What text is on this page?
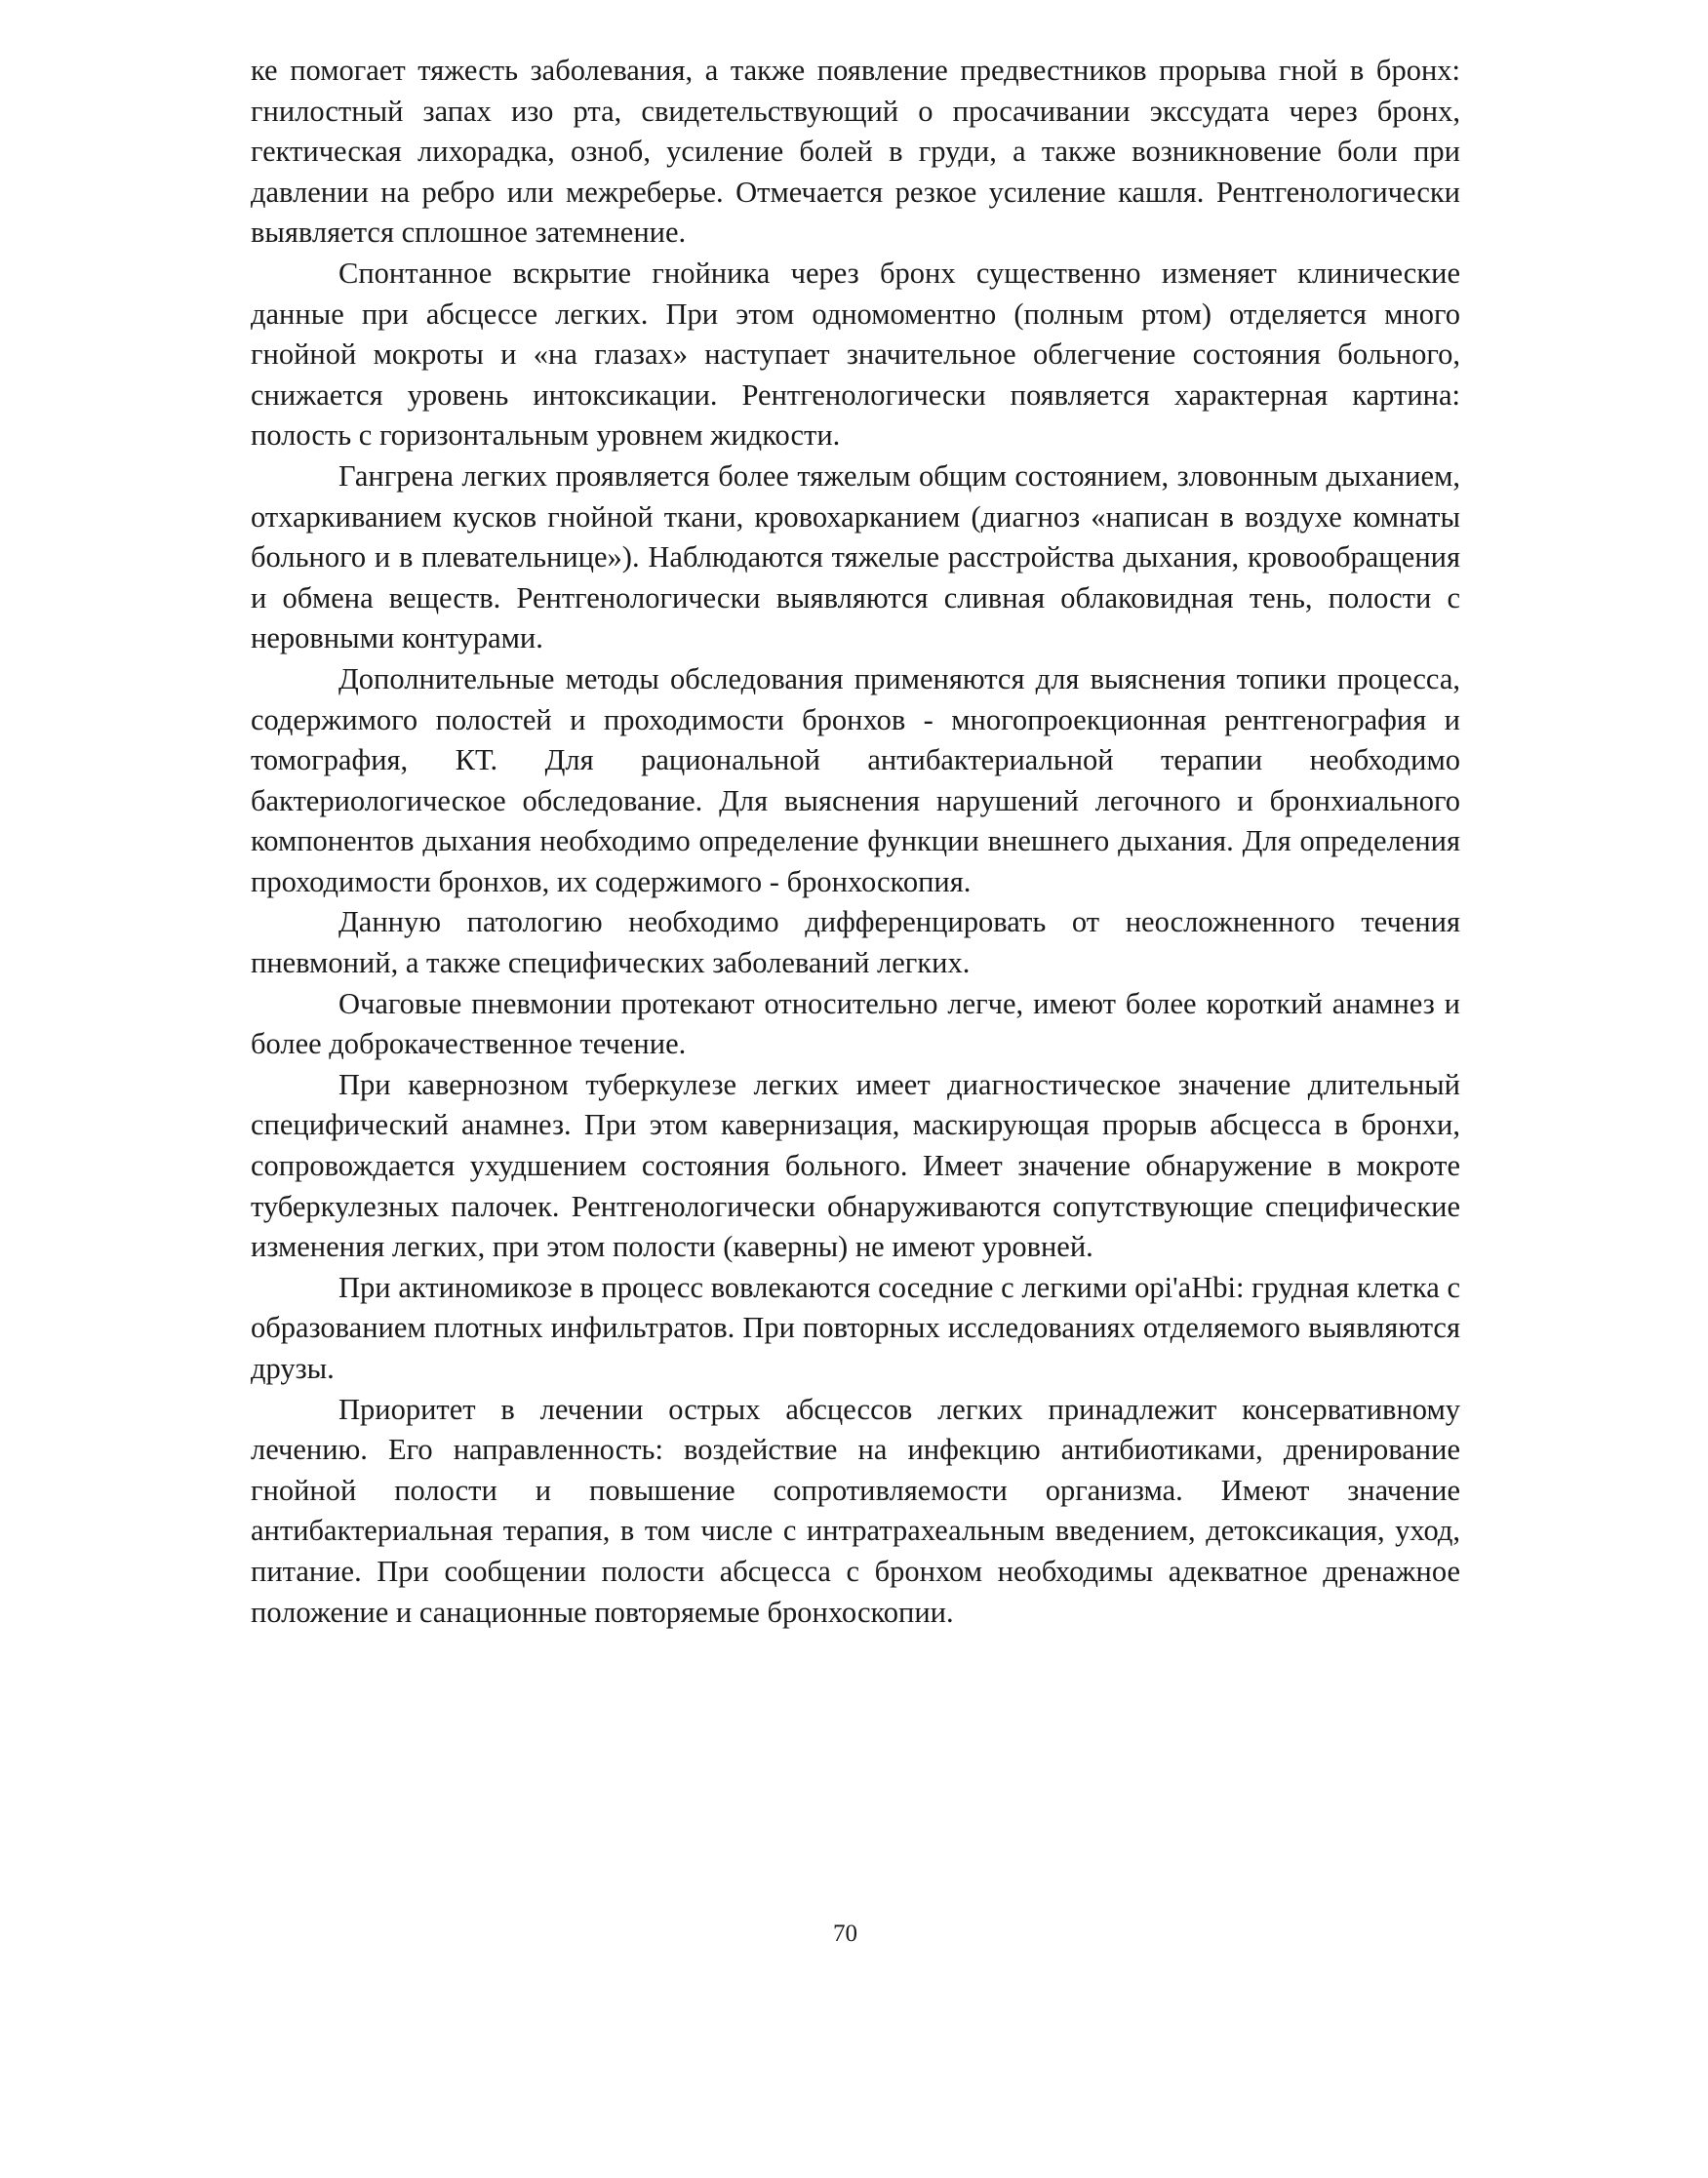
ке помогает тяжесть заболевания, а также появление предвестников прорыва гной в бронх: гнилостный запах изо рта, свидетельствующий о просачивании экссудата через бронх, гектическая лихорадка, озноб, усиление болей в груди, а также возникновение боли при давлении на ребро или межреберье. Отмечается резкое усиление кашля. Рентгенологически выявляется сплошное затемнение.

Спонтанное вскрытие гнойника через бронх существенно изменяет клинические данные при абсцессе легких. При этом одномоментно (полным ртом) отделяется много гнойной мокроты и «на глазах» наступает значительное облегчение состояния больного, снижается уровень интоксикации. Рентгенологически появляется характерная картина: полость с горизонтальным уровнем жидкости.

Гангрена легких проявляется более тяжелым общим состоянием, зловонным дыханием, отхаркиванием кусков гнойной ткани, кровохарканием (диагноз «написан в воздухе комнаты больного и в плевательнице»). Наблюдаются тяжелые расстройства дыхания, кровообращения и обмена веществ. Рентгенологически выявляются сливная облаковидная тень, полости с неровными контурами.

Дополнительные методы обследования применяются для выяснения топики процесса, содержимого полостей и проходимости бронхов - многопроекционная рентгенография и томография, КТ. Для рациональной антибактериальной терапии необходимо бактериологическое обследование. Для выяснения нарушений легочного и бронхиального компонентов дыхания необходимо определение функции внешнего дыхания. Для определения проходимости бронхов, их содержимого - бронхоскопия.

Данную патологию необходимо дифференцировать от неосложненного течения пневмоний, а также специфических заболеваний легких.

Очаговые пневмонии протекают относительно легче, имеют более короткий анамнез и более доброкачественное течение.

При кавернозном туберкулезе легких имеет диагностическое значение длительный специфический анамнез. При этом кавернизация, маскирующая прорыв абсцесса в бронхи, сопровождается ухудшением состояния больного. Имеет значение обнаружение в мокроте туберкулезных палочек. Рентгенологически обнаруживаются сопутствующие специфические изменения легких, при этом полости (каверны) не имеют уровней.

При актиномикозе в процесс вовлекаются соседние с легкими opi'aHbi: грудная клетка с образованием плотных инфильтратов. При повторных исследованиях отделяемого выявляются друзы.

Приоритет в лечении острых абсцессов легких принадлежит консервативному лечению. Его направленность: воздействие на инфекцию антибиотиками, дренирование гнойной полости и повышение сопротивляемости организма. Имеют значение антибактериальная терапия, в том числе с интратрахеальным введением, детоксикация, уход, питание. При сообщении полости абсцесса с бронхом необходимы адекватное дренажное положение и санационные повторяемые бронхоскопии.

70
